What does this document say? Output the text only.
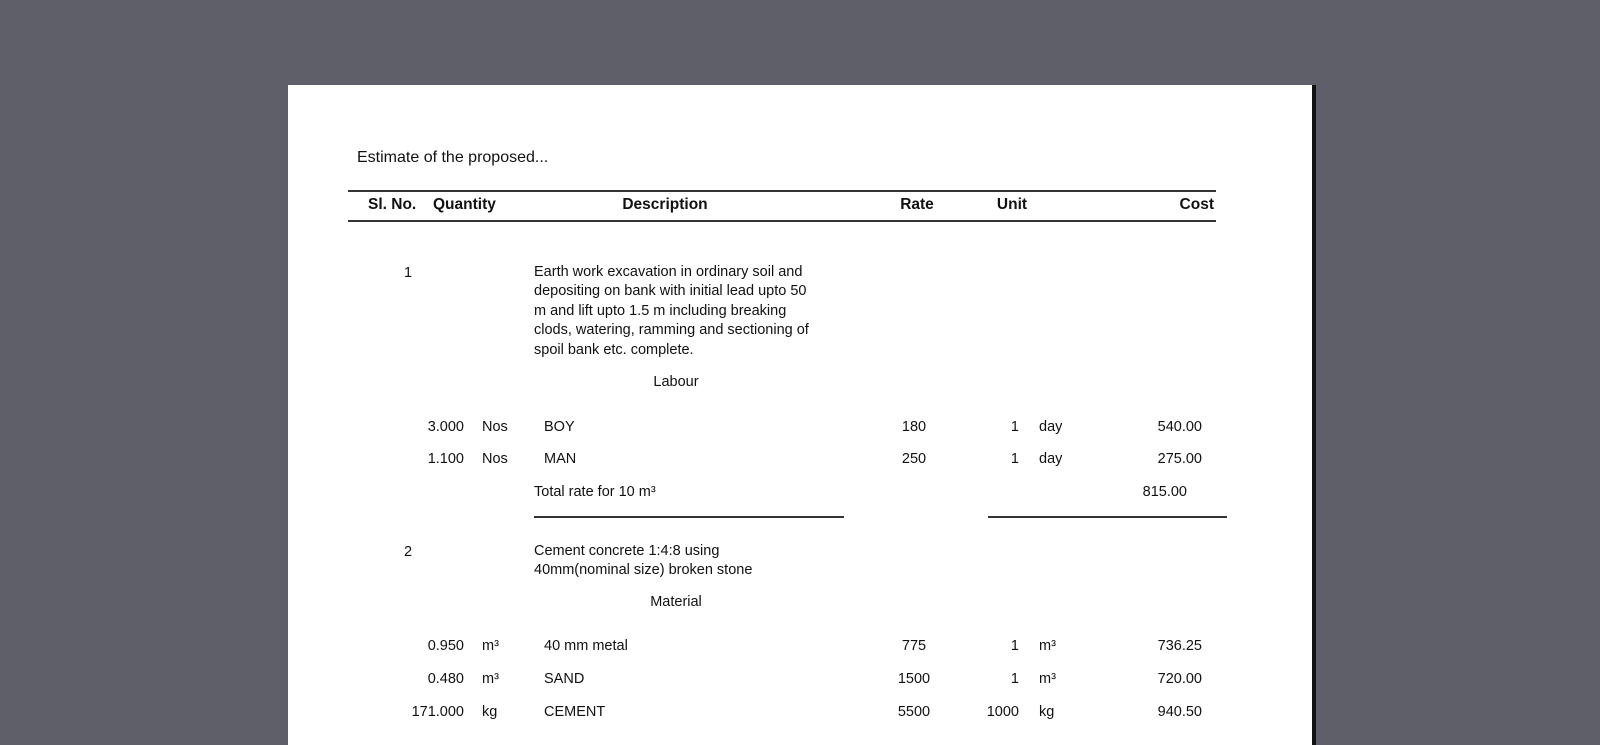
Estimate of the proposed...
Sl. No. Quantity	Description	Rate	Unit	Cost
1	Earth work excavation in ordinary soil and
depositing on bank with initial lead upto 50
m and lift upto 1.5 m including breaking
clods, watering, ramming and sectioning of
spoil bank etc. complete.
Labour
3.000 Nos BOY	180	1 day	540.00
1.100 Nos MAN	250	1 day	275.00
Total rate for 10 m³	815.00
2	Cement concrete 1:4:8 using
40mm(nominal size) broken stone
Material
0.950 m³	40 mm metal	775	1 m³	736.25
0.480 m³	SAND	1500	1 m³	720.00
171.000 kg	CEMENT	5500	1000 kg	940.50
